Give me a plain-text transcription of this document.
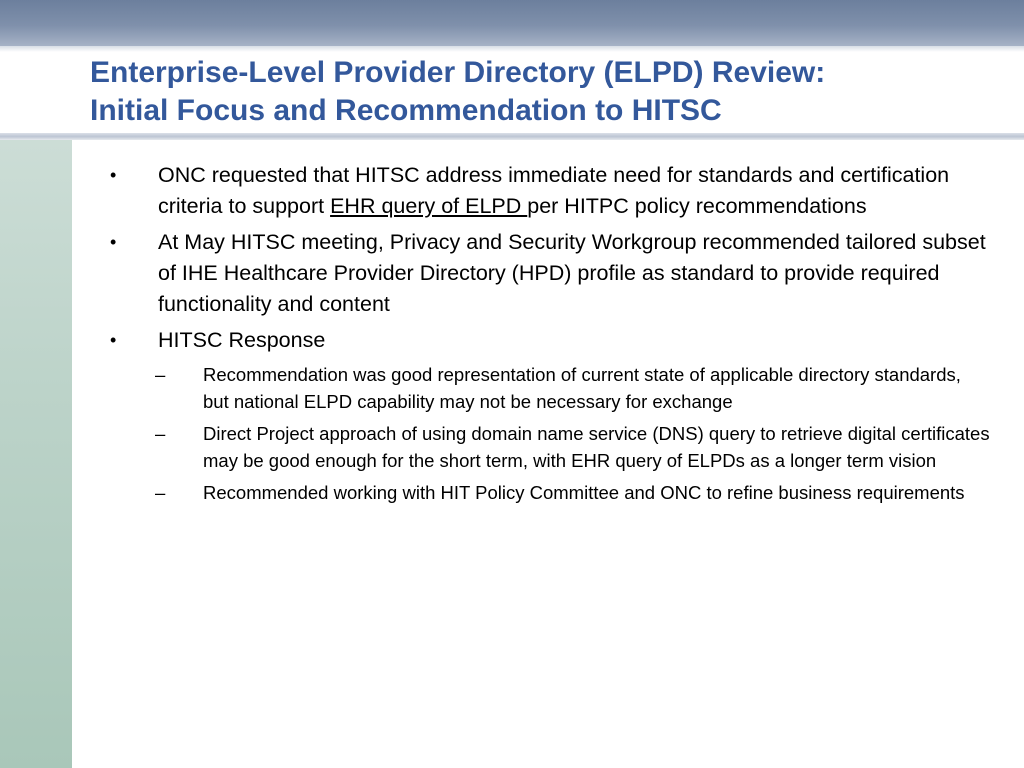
Enterprise-Level Provider Directory (ELPD) Review:
Initial Focus and Recommendation to HITSC
• ONC requested that HITSC address immediate need for standards and certification criteria to support EHR query of ELPD per HITPC policy recommendations
• At May HITSC meeting, Privacy and Security Workgroup recommended tailored subset of IHE Healthcare Provider Directory (HPD) profile as standard to provide required functionality and content
• HITSC Response
– Recommendation was good representation of current state of applicable directory standards, but national ELPD capability may not be necessary for exchange
– Direct Project approach of using domain name service (DNS) query to retrieve digital certificates may be good enough for the short term, with EHR query of ELPDs as a longer term vision
– Recommended working with HIT Policy Committee and ONC to refine business requirements
